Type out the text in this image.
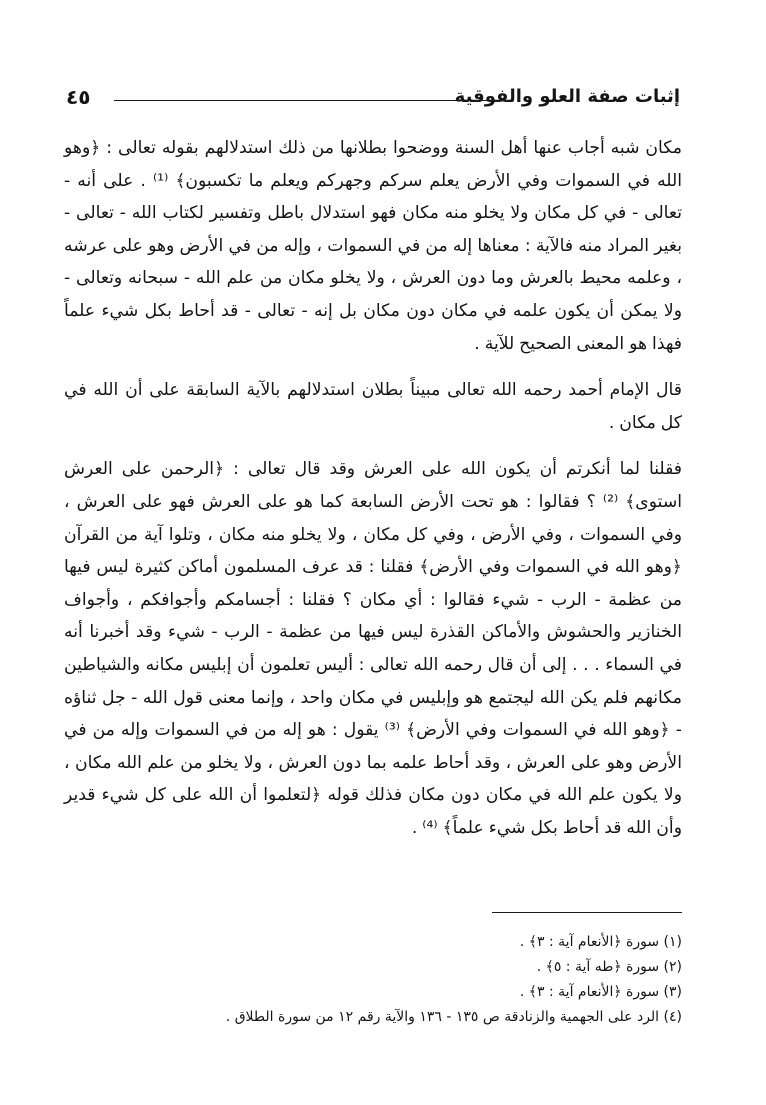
إثبات صفة العلو والفوقية
٤٥

مكان شبه أجاب عنها أهل السنة ووضحوا بطلانها من ذلك استدلالهم بقوله تعالى : ﴿وهو الله في السموات وفي الأرض يعلم سركم وجهركم ويعلم ما تكسبون﴾ ⁽¹⁾ . على أنه - تعالى - في كل مكان ولا يخلو منه مكان فهو استدلال باطل وتفسير لكتاب الله - تعالى - بغير المراد منه فالآية : معناها إله من في السموات ، وإله من في الأرض وهو على عرشه ، وعلمه محيط بالعرش وما دون العرش ، ولا يخلو مكان من علم الله - سبحانه وتعالى - ولا يمكن أن يكون علمه في مكان دون مكان بل إنه - تعالى - قد أحاط بكل شيء علماً فهذا هو المعنى الصحيح للآية .

قال الإمام أحمد رحمه الله تعالى مبيناً بطلان استدلالهم بالآية السابقة على أن الله في كل مكان .

فقلنا لما أنكرتم أن يكون الله على العرش وقد قال تعالى : ﴿الرحمن على العرش استوى﴾ ⁽²⁾ ؟ فقالوا : هو تحت الأرض السابعة كما هو على العرش فهو على العرش ، وفي السموات ، وفي الأرض ، وفي كل مكان ، ولا يخلو منه مكان ، وتلوا آية من القرآن ﴿وهو الله في السموات وفي الأرض﴾ فقلنا : قد عرف المسلمون أماكن كثيرة ليس فيها من عظمة - الرب - شيء فقالوا : أي مكان ؟ فقلنا : أجسامكم وأجوافكم ، وأجواف الخنازير والحشوش والأماكن القذرة ليس فيها من عظمة - الرب - شيء وقد أخبرنا أنه في السماء . . . إلى أن قال رحمه الله تعالى : أليس تعلمون أن إبليس مكانه والشياطين مكانهم فلم يكن الله ليجتمع هو وإبليس في مكان واحد ، وإنما معنى قول الله - جل ثناؤه - ﴿وهو الله في السموات وفي الأرض﴾ ⁽³⁾ يقول : هو إله من في السموات وإله من في الأرض وهو على العرش ، وقد أحاط علمه بما دون العرش ، ولا يخلو من علم الله مكان ، ولا يكون علم الله في مكان دون مكان فذلك قوله ﴿لتعلموا أن الله على كل شيء قدير وأن الله قد أحاط بكل شيء علماً﴾ ⁽⁴⁾ .

(١) سورة ﴿الأنعام آية : ٣﴾ .

(٢) سورة ﴿طه آية : ٥﴾ .

(٣) سورة ﴿الأنعام آية : ٣﴾ .

(٤) الرد على الجهمية والزنادقة ص ١٣٥ - ١٣٦ والآية رقم ١٢ من سورة الطلاق .
